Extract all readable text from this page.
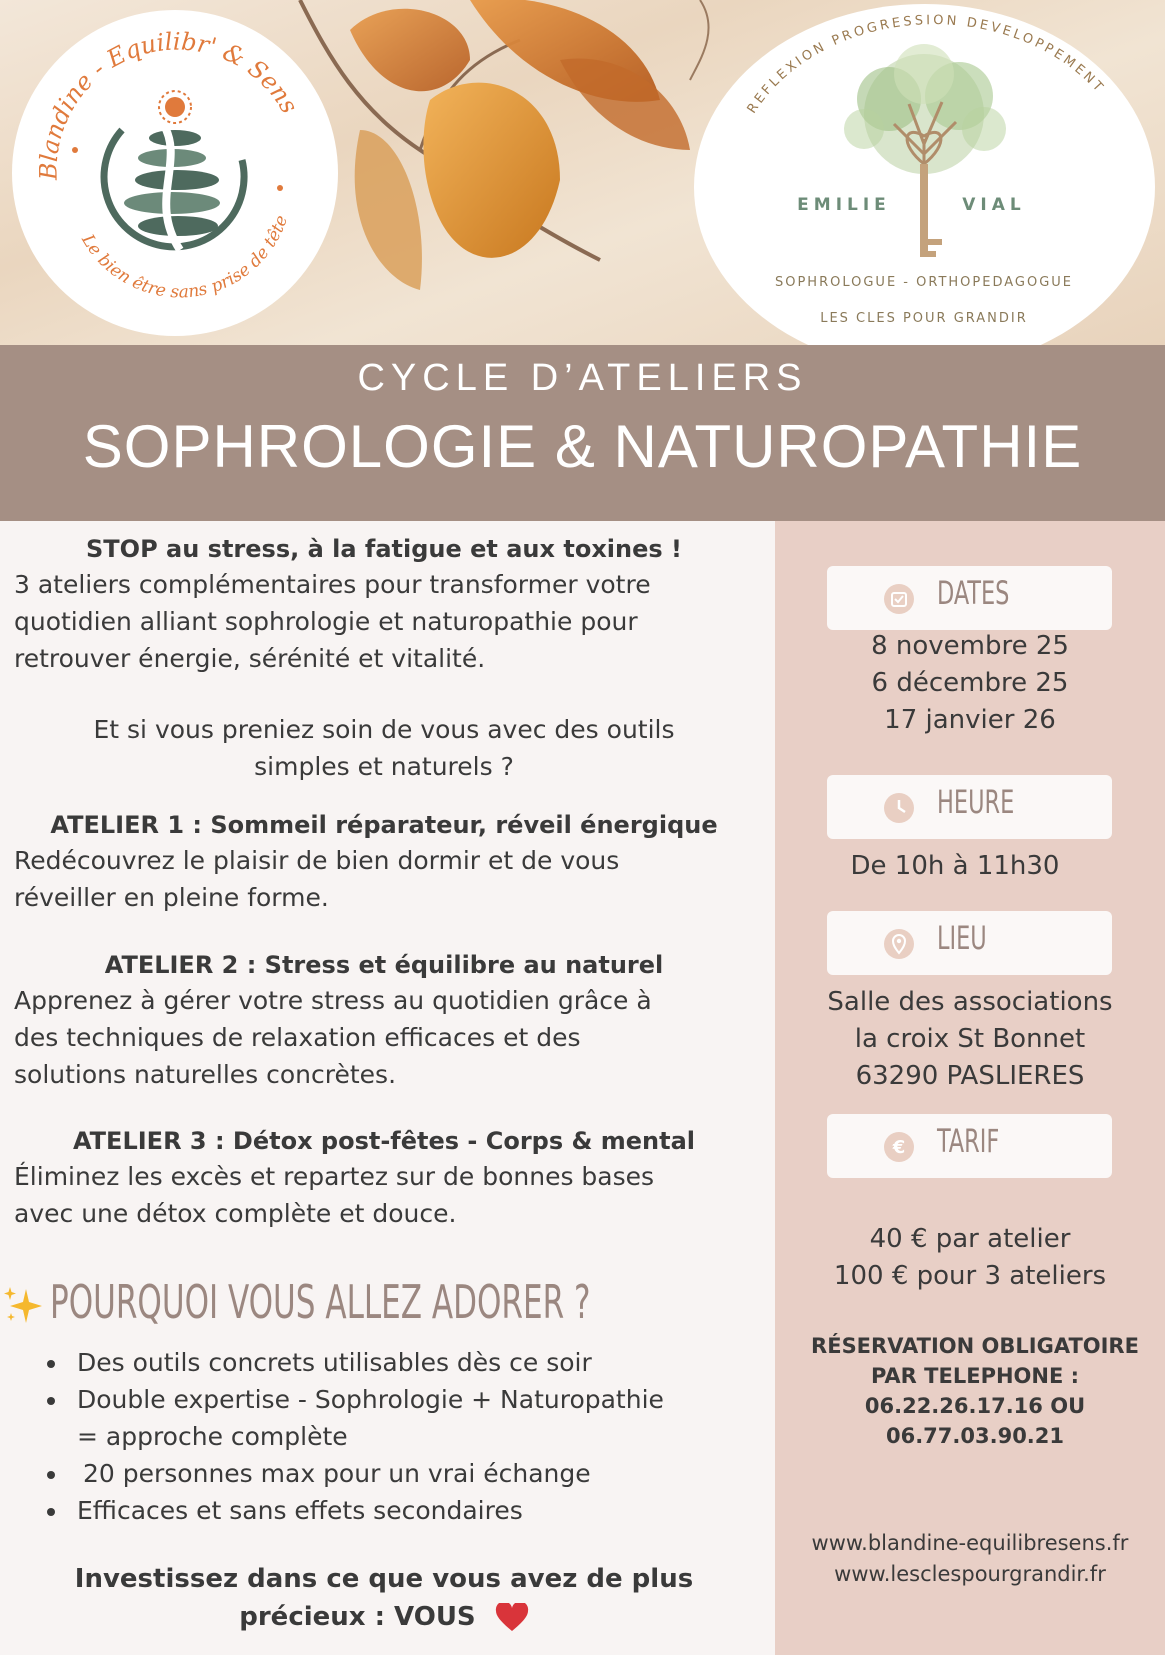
Blandine - Equilibr' & Sens
Le bien être sans prise de tête
REFLEXION PROGRESSION DEVELOPPEMENT
EMILIE	VIAL
SOPHROLOGUE - ORTHOPEDAGOGUE
LES CLES POUR GRANDIR
CYCLE D’ATELIERS
SOPHROLOGIE & NATUROPATHIE
DATES
8 novembre 25
6 décembre 25
17 janvier 26
HEURE
De 10h à 11h30
LIEU
Salle des associations
la croix St Bonnet
63290 PASLIERES
€ TARIF
40 € par atelier
100 € pour 3 ateliers
RÉSERVATION OBLIGATOIRE
PAR TELEPHONE :
06.22.26.17.16 OU
06.77.03.90.21
www.blandine-equilibresens.fr
www.lesclespourgrandir.fr
STOP au stress, à la fatigue et aux toxines !
3 ateliers complémentaires pour transformer votre
quotidien alliant sophrologie et naturopathie pour
retrouver énergie, sérénité et vitalité.
Et si vous preniez soin de vous avec des outils
simples et naturels ?
ATELIER 1 : Sommeil réparateur, réveil énergique
Redécouvrez le plaisir de bien dormir et de vous
réveiller en pleine forme.
ATELIER 2 : Stress et équilibre au naturel
Apprenez à gérer votre stress au quotidien grâce à
des techniques de relaxation efficaces et des
solutions naturelles concrètes.
ATELIER 3 : Détox post-fêtes - Corps & mental
Éliminez les excès et repartez sur de bonnes bases
avec une détox complète et douce.
POURQUOI VOUS ALLEZ ADORER ?
Des outils concrets utilisables dès ce soir
Double expertise - Sophrologie + Naturopathie
= approche complète
20 personnes max pour un vrai échange
Efficaces et sans effets secondaires
Investissez dans ce que vous avez de plus
précieux : VOUS
